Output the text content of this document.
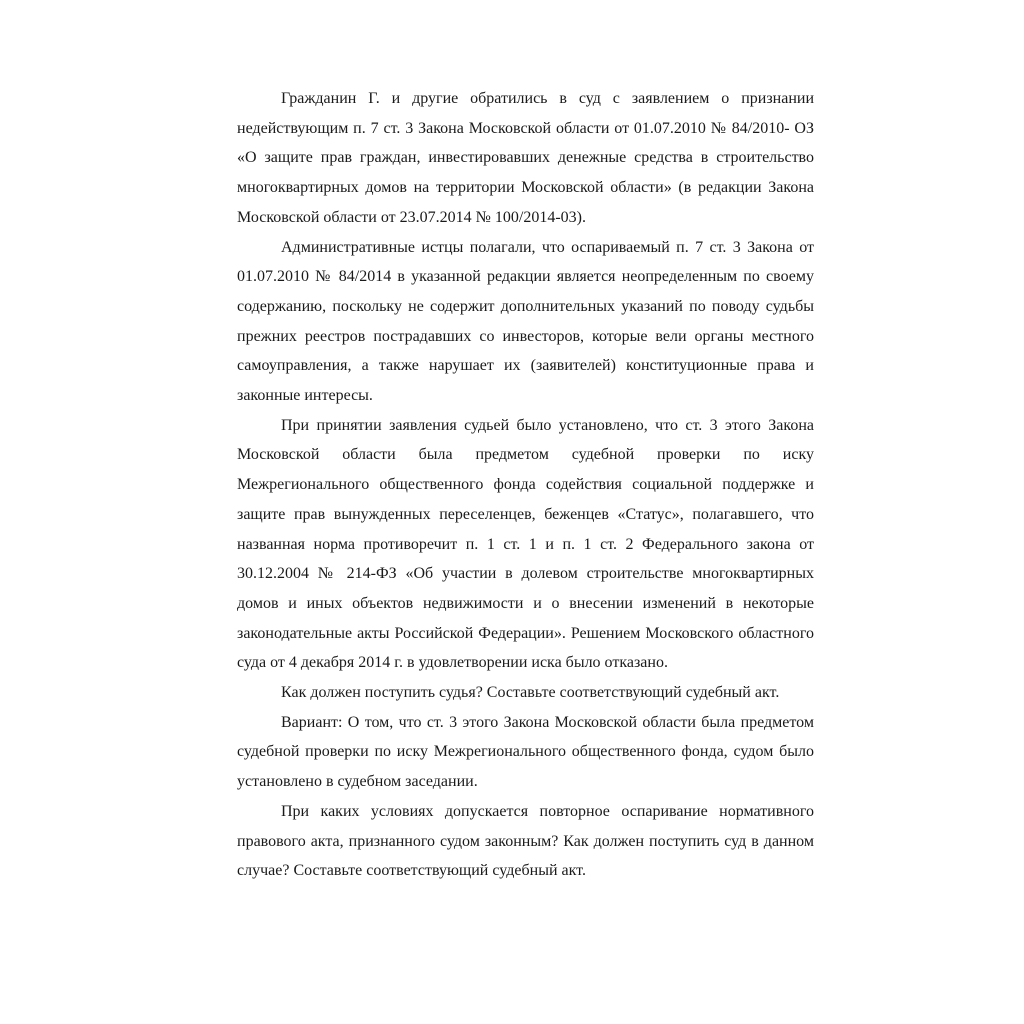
Гражданин Г. и другие обратились в суд с заявлением о признании недействующим п. 7 ст. 3 Закона Московской области от 01.07.2010 № 84/2010- ОЗ «О защите прав граждан, инвестировавших денежные средства в строительство многоквартирных домов на территории Московской области» (в редакции Закона Московской области от 23.07.2014 № 100/2014-03).

Административные истцы полагали, что оспариваемый п. 7 ст. 3 Закона от 01.07.2010 № 84/2014 в указанной редакции является неопределенным по своему содержанию, поскольку не содержит дополнительных указаний по поводу судьбы прежних реестров пострадавших со инвесторов, которые вели органы местного самоуправления, а также нарушает их (заявителей) конституционные права и законные интересы.

При принятии заявления судьей было установлено, что ст. 3 этого Закона Московской области была предметом судебной проверки по иску Межрегионального общественного фонда содействия социальной поддержке и защите прав вынужденных переселенцев, беженцев «Статус», полагавшего, что названная норма противоречит п. 1 ст. 1 и п. 1 ст. 2 Федерального закона от 30.12.2004 № 214-ФЗ «Об участии в долевом строительстве многоквартирных домов и иных объектов недвижимости и о внесении изменений в некоторые законодательные акты Российской Федерации». Решением Московского областного суда от 4 декабря 2014 г. в удовлетворении иска было отказано.

Как должен поступить судья? Составьте соответствующий судебный акт.

Вариант: О том, что ст. 3 этого Закона Московской области была предметом судебной проверки по иску Межрегионального общественного фонда, судом было установлено в судебном заседании.

При каких условиях допускается повторное оспаривание нормативного правового акта, признанного судом законным? Как должен поступить суд в данном случае? Составьте соответствующий судебный акт.
